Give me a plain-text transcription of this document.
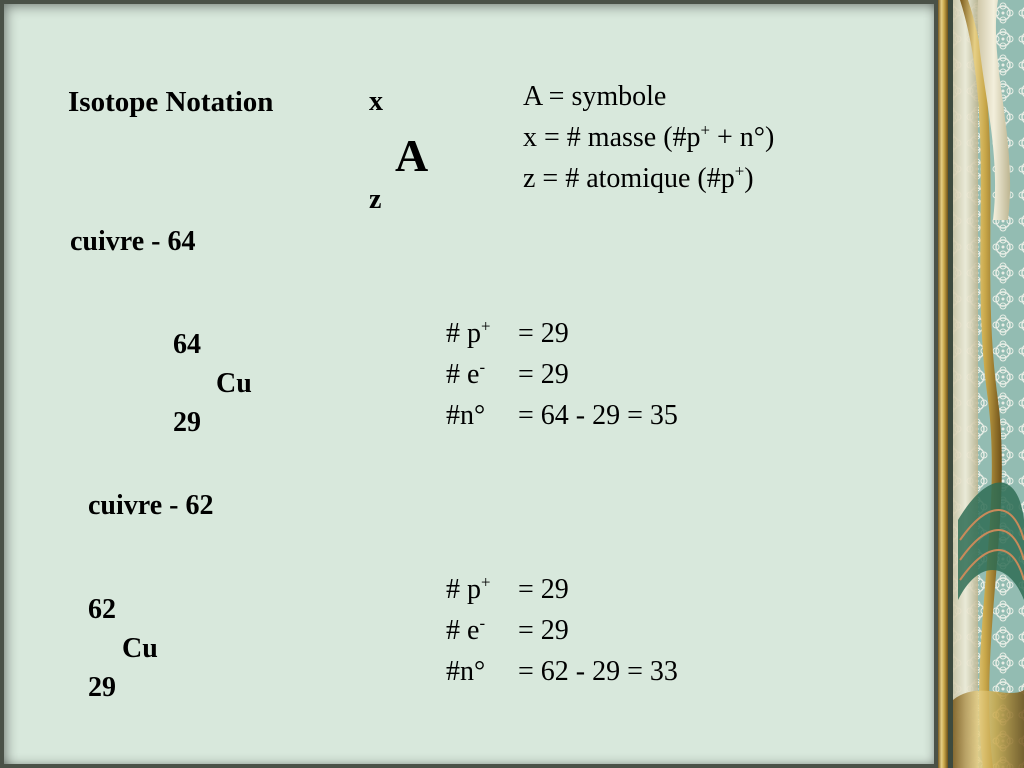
Isotope Notation	x
A
z
A = symbole
x = # masse (#p+ + n°)
z = # atomique (#p+)
cuivre - 64
64
Cu
29
# p+ = 29
# e- = 29
#n° = 64 - 29 = 35
cuivre - 62
62
Cu
29
# p+ = 29
# e- = 29
#n° = 62 - 29 = 33
